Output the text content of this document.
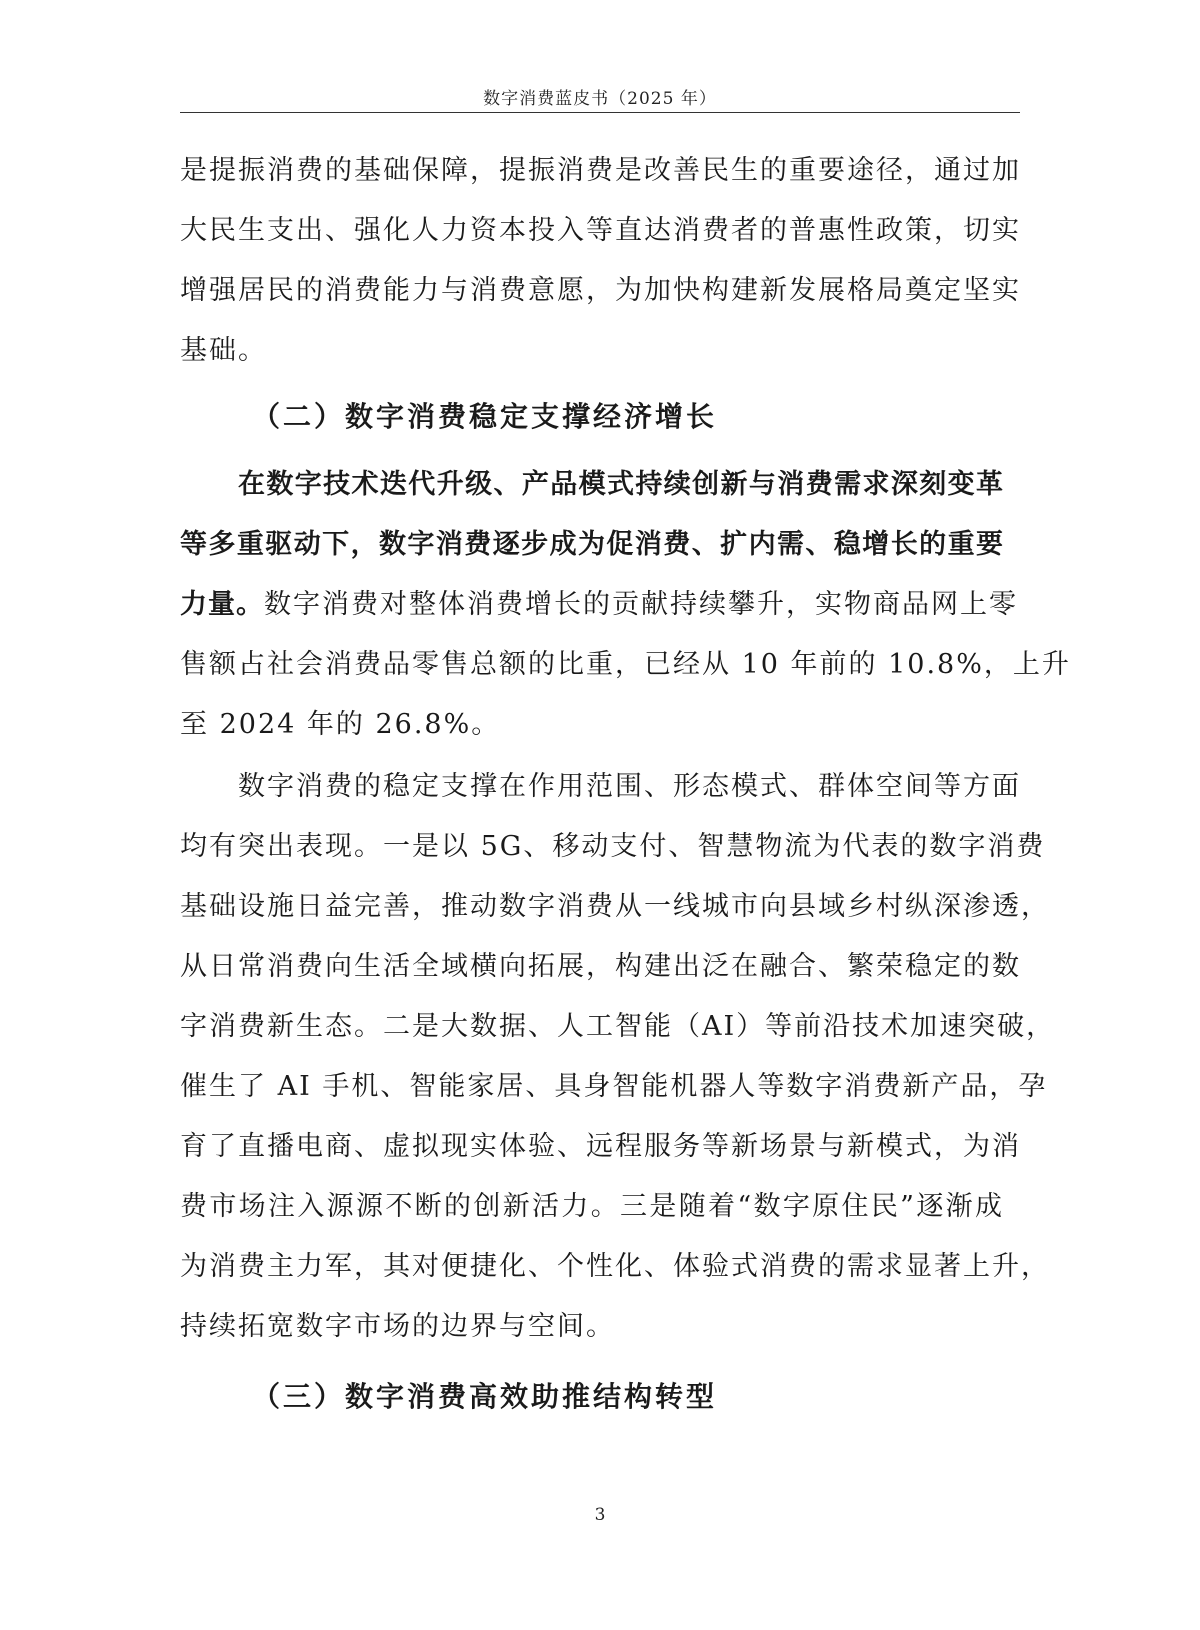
数字消费蓝皮书（2025 年）
是提振消费的基础保障，提振消费是改善民生的重要途径，通过加
大民生支出、强化人力资本投入等直达消费者的普惠性政策，切实
增强居民的消费能力与消费意愿，为加快构建新发展格局奠定坚实
基础。
（二）数字消费稳定支撑经济增长
在数字技术迭代升级、产品模式持续创新与消费需求深刻变革
等多重驱动下，数字消费逐步成为促消费、扩内需、稳增长的重要
力量。数字消费对整体消费增长的贡献持续攀升，实物商品网上零
售额占社会消费品零售总额的比重，已经从 10 年前的 10.8%，上升
至 2024 年的 26.8%。
数字消费的稳定支撑在作用范围、形态模式、群体空间等方面
均有突出表现。一是以 5G、移动支付、智慧物流为代表的数字消费
基础设施日益完善，推动数字消费从一线城市向县域乡村纵深渗透，
从日常消费向生活全域横向拓展，构建出泛在融合、繁荣稳定的数
字消费新生态。二是大数据、人工智能（AI）等前沿技术加速突破，
催生了 AI 手机、智能家居、具身智能机器人等数字消费新产品，孕
育了直播电商、虚拟现实体验、远程服务等新场景与新模式，为消
费市场注入源源不断的创新活力。三是随着“数字原住民”逐渐成
为消费主力军，其对便捷化、个性化、体验式消费的需求显著上升，
持续拓宽数字市场的边界与空间。
（三）数字消费高效助推结构转型
3
